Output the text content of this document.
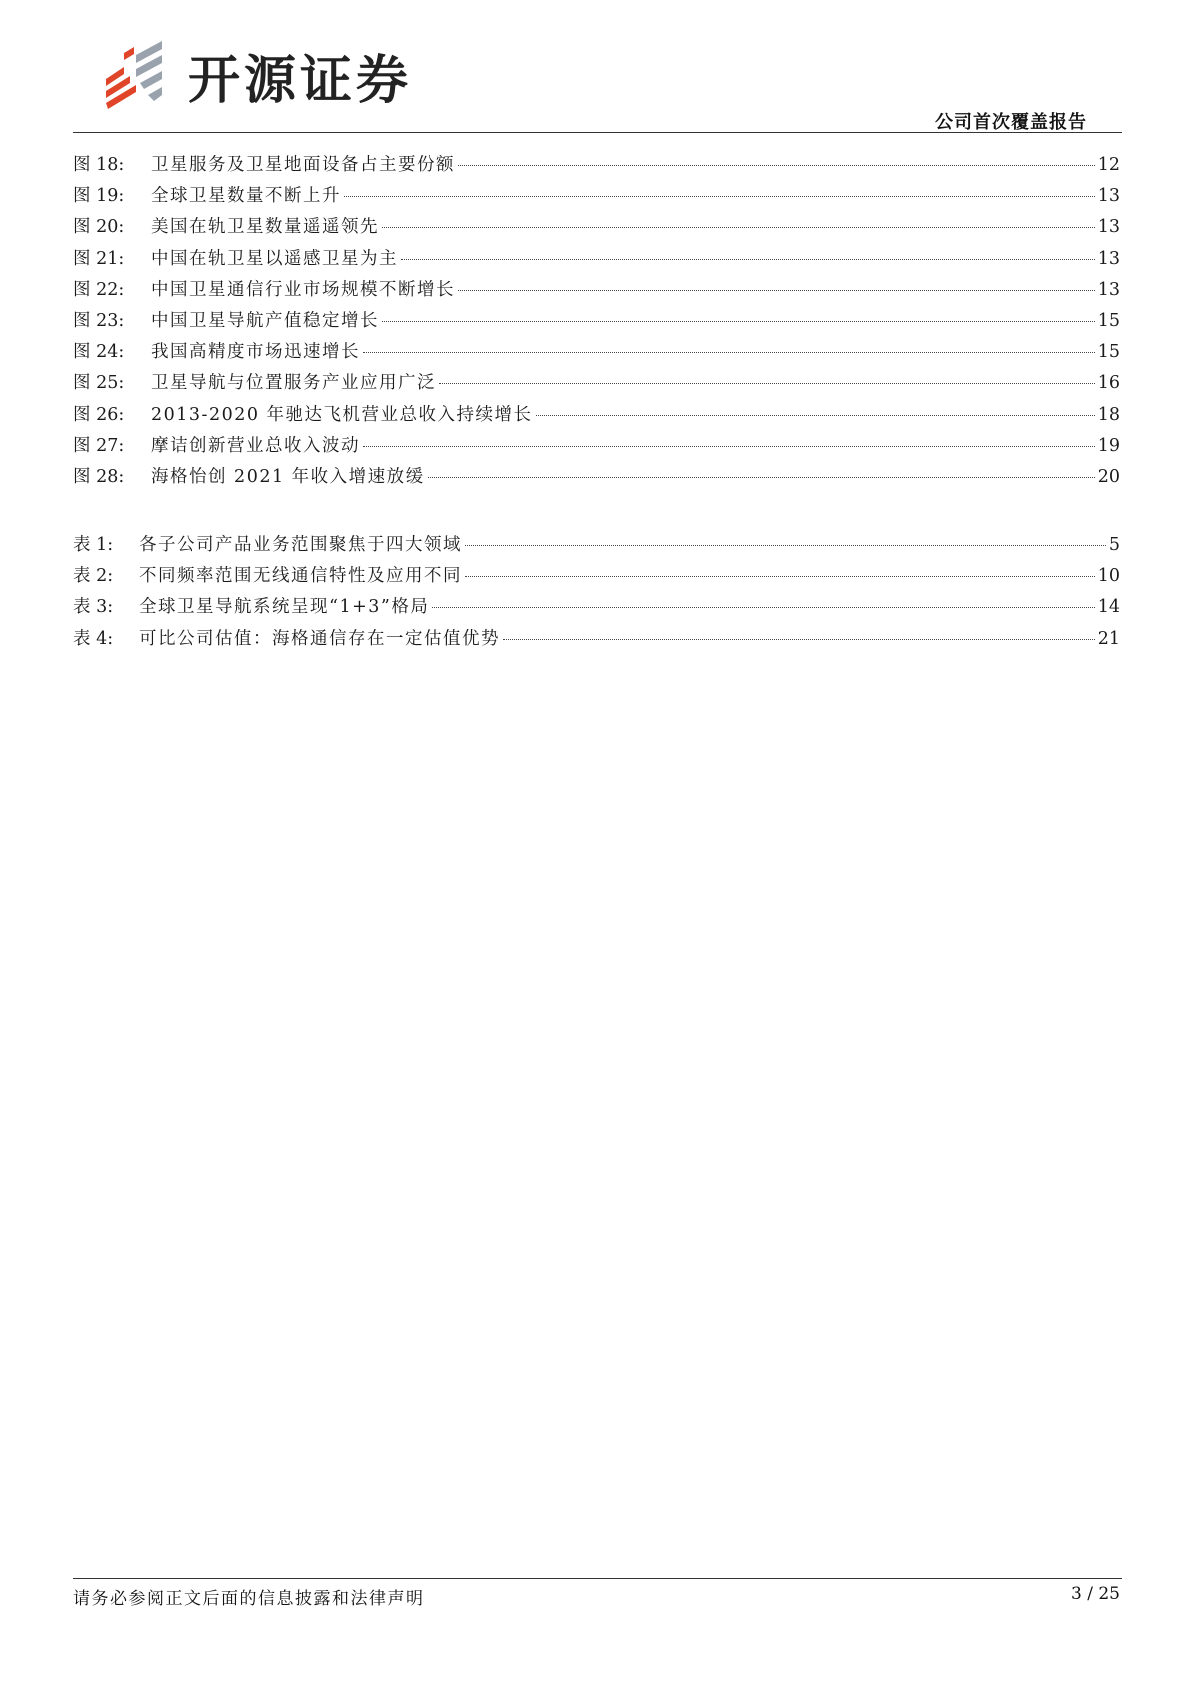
开源证券
公司首次覆盖报告
图 18:	卫星服务及卫星地面设备占主要份额	12
图 19:	全球卫星数量不断上升	13
图 20:	美国在轨卫星数量遥遥领先	13
图 21:	中国在轨卫星以遥感卫星为主	13
图 22:	中国卫星通信行业市场规模不断增长	13
图 23:	中国卫星导航产值稳定增长	15
图 24:	我国高精度市场迅速增长	15
图 25:	卫星导航与位置服务产业应用广泛	16
图 26:	2013-2020 年驰达飞机营业总收入持续增长	18
图 27:	摩诘创新营业总收入波动	19
图 28:	海格怡创 2021 年收入增速放缓	20
表 1:	各子公司产品业务范围聚焦于四大领域	5
表 2:	不同频率范围无线通信特性及应用不同	10
表 3:	全球卫星导航系统呈现“1+3”格局	14
表 4:	可比公司估值：海格通信存在一定估值优势	21
请务必参阅正文后面的信息披露和法律声明	3 / 25
